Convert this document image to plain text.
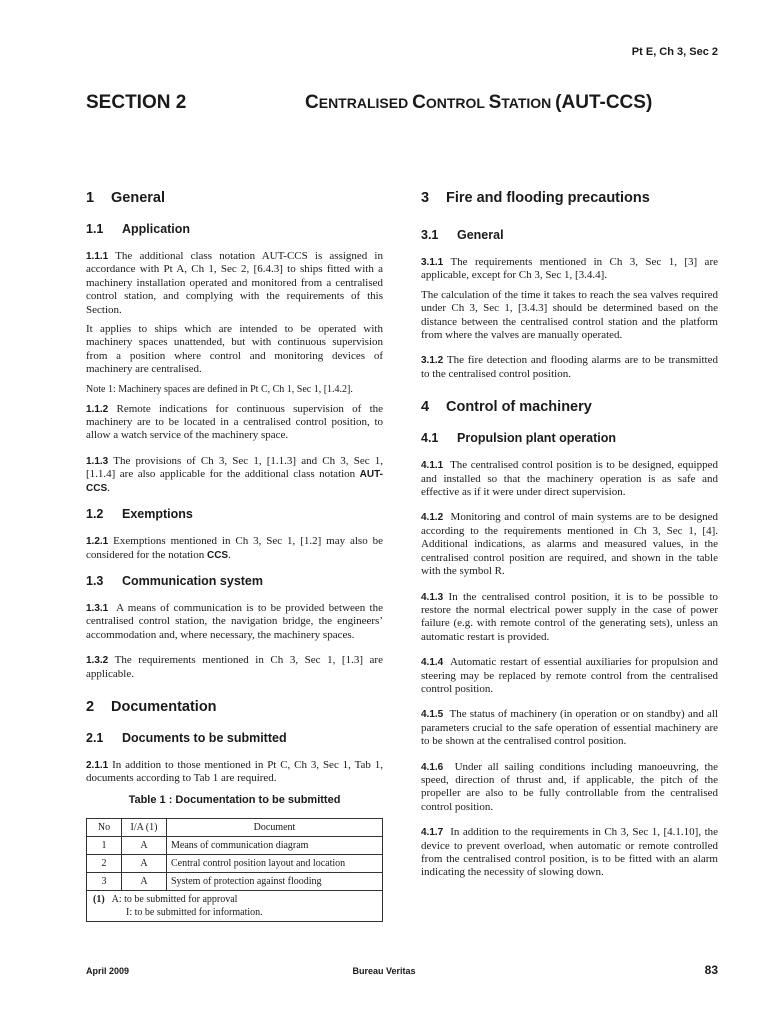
Pt E, Ch 3, Sec 2
SECTION 2	CENTRALISED CONTROL STATION (AUT-CCS)
1 General
1.1 Application

1.1.1 The additional class notation AUT-CCS is assigned in accordance with Pt A, Ch 1, Sec 2, [6.4.3] to ships fitted with a machinery installation operated and monitored from a centralised control station, and complying with the requirements of this Section.

It applies to ships which are intended to be operated with machinery spaces unattended, but with continuous supervision from a position where control and monitoring devices of machinery are centralised.

Note 1: Machinery spaces are defined in Pt C, Ch 1, Sec 1, [1.4.2].

1.1.2 Remote indications for continuous supervision of the machinery are to be located in a centralised control position, to allow a watch service of the machinery space.

1.1.3 The provisions of Ch 3, Sec 1, [1.1.3] and Ch 3, Sec 1, [1.1.4] are also applicable for the additional class notation AUT-CCS.

1.2 Exemptions

1.2.1 Exemptions mentioned in Ch 3, Sec 1, [1.2] may also be considered for the notation CCS.

1.3 Communication system

1.3.1 A means of communication is to be provided between the centralised control station, the navigation bridge, the engineers’ accommodation and, where necessary, the machinery spaces.

1.3.2 The requirements mentioned in Ch 3, Sec 1, [1.3] are applicable.

2 Documentation
2.1 Documents to be submitted

2.1.1 In addition to those mentioned in Pt C, Ch 3, Sec 1, Tab 1, documents according to Tab 1 are required.

Table 1 : Documentation to be submitted
No	I/A (1)	Document
1	A	Means of communication diagram
2	A	Central control position layout and location
3	A	System of protection against flooding
(1) A: to be submitted for approval
I: to be submitted for information.		
3 Fire and flooding precautions
3.1 General

3.1.1 The requirements mentioned in Ch 3, Sec 1, [3] are applicable, except for Ch 3, Sec 1, [3.4.4].

The calculation of the time it takes to reach the sea valves required under Ch 3, Sec 1, [3.4.3] should be determined based on the distance between the centralised control station and the platform from where the valves are manually operated.

3.1.2 The fire detection and flooding alarms are to be transmitted to the centralised control position.

4 Control of machinery
4.1 Propulsion plant operation

4.1.1 The centralised control position is to be designed, equipped and installed so that the machinery operation is as safe and effective as if it were under direct supervision.

4.1.2 Monitoring and control of main systems are to be designed according to the requirements mentioned in Ch 3, Sec 1, [4]. Additional indications, as alarms and measured values, in the centralised control position are required, and shown in the table with the symbol R.

4.1.3 In the centralised control position, it is to be possible to restore the normal electrical power supply in the case of power failure (e.g. with remote control of the generating sets), unless an automatic restart is provided.

4.1.4 Automatic restart of essential auxiliaries for propulsion and steering may be replaced by remote control from the centralised control position.

4.1.5 The status of machinery (in operation or on standby) and all parameters crucial to the safe operation of essential machinery are to be shown at the centralised control position.

4.1.6 Under all sailing conditions including manoeuvring, the speed, direction of thrust and, if applicable, the pitch of the propeller are also to be fully controllable from the centralised control position.

4.1.7 In addition to the requirements in Ch 3, Sec 1, [4.1.10], the device to prevent overload, when automatic or remote controlled from the centralised control position, is to be fitted with an alarm indicating the necessity of slowing down.

April 2009	Bureau Veritas	83
